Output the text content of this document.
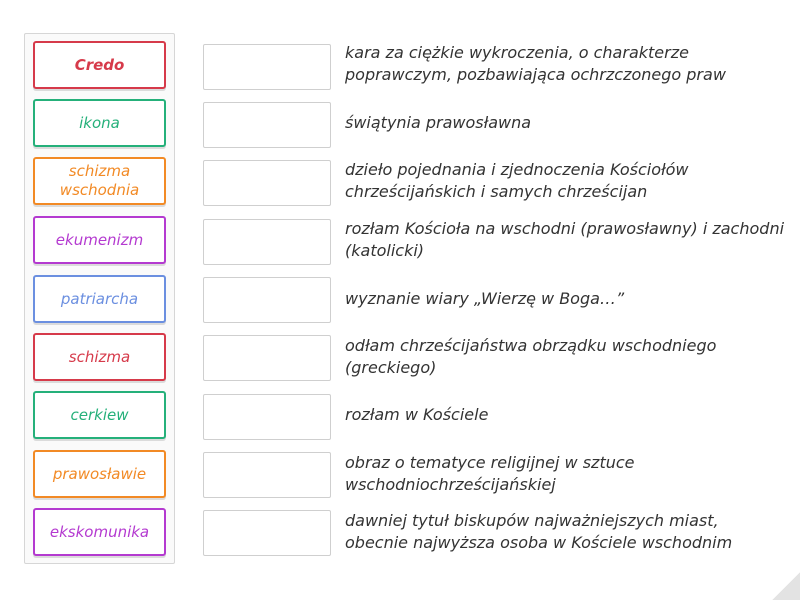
Credo
ikona
schizma wschodnia
ekumenizm
patriarcha
schizma
cerkiew
prawosławie
ekskomunika
kara za ciężkie wykroczenia, o charakterze poprawczym, pozbawiająca ochrzczonego praw
świątynia prawosławna
dzieło pojednania i zjednoczenia Kościołów chrześcijańskich i samych chrześcijan
rozłam Kościoła na wschodni (prawosławny) i zachodni (katolicki)
wyznanie wiary „Wierzę w Boga…”
odłam chrześcijaństwa obrządku wschodniego (greckiego)
rozłam w Kościele
obraz o tematyce religijnej w sztuce wschodniochrześcijańskiej
dawniej tytuł biskupów najważniejszych miast, obecnie najwyższa osoba w Kościele wschodnim
